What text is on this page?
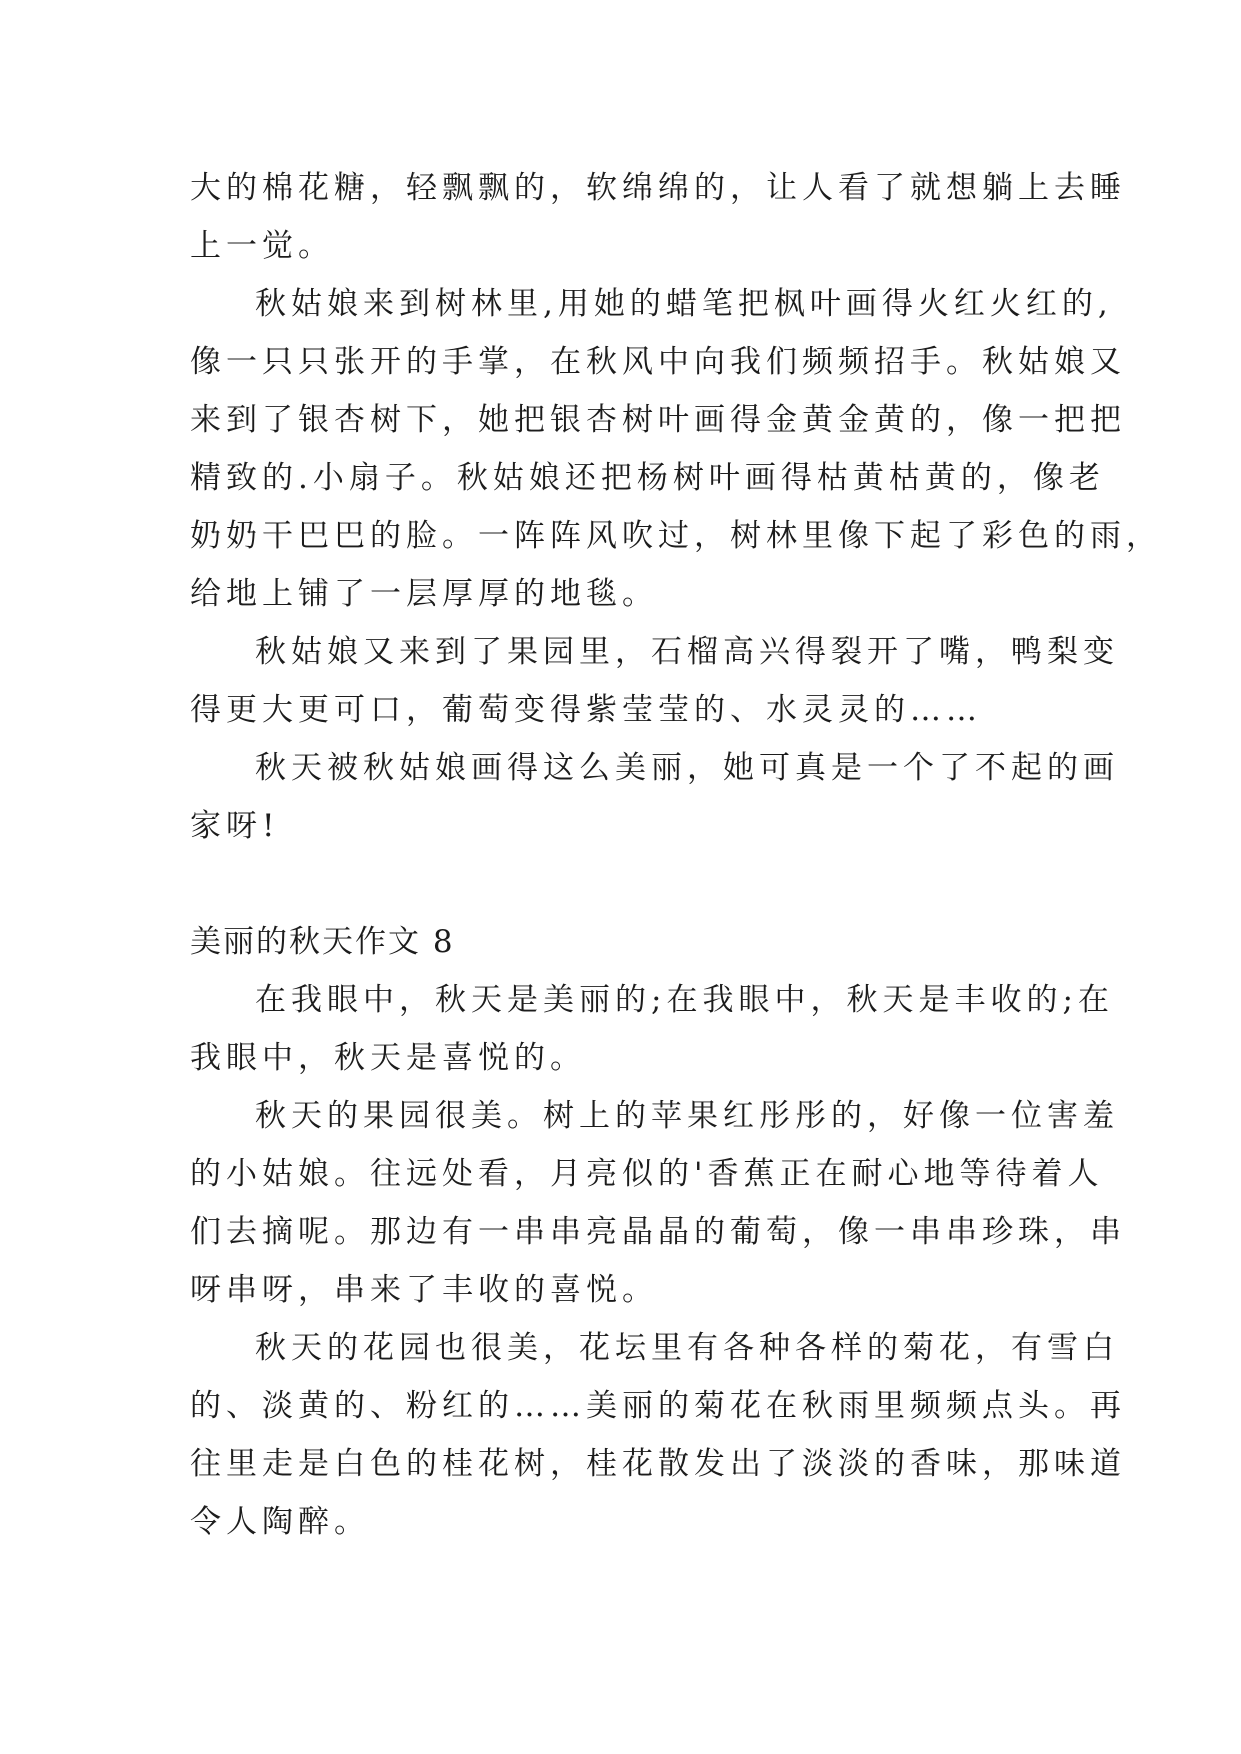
大的棉花糖，轻飘飘的，软绵绵的，让人看了就想躺上去睡
上一觉。
秋姑娘来到树林里,用她的蜡笔把枫叶画得火红火红的,
像一只只张开的手掌，在秋风中向我们频频招手。秋姑娘又
来到了银杏树下，她把银杏树叶画得金黄金黄的，像一把把
精致的.小扇子。秋姑娘还把杨树叶画得枯黄枯黄的，像老
奶奶干巴巴的脸。一阵阵风吹过，树林里像下起了彩色的雨，
给地上铺了一层厚厚的地毯。
秋姑娘又来到了果园里，石榴高兴得裂开了嘴，鸭梨变
得更大更可口，葡萄变得紫莹莹的、水灵灵的……
秋天被秋姑娘画得这么美丽，她可真是一个了不起的画
家呀!
美丽的秋天作文 8
在我眼中，秋天是美丽的;在我眼中，秋天是丰收的;在
我眼中，秋天是喜悦的。
秋天的果园很美。树上的苹果红彤彤的，好像一位害羞
的小姑娘。往远处看，月亮似的'香蕉正在耐心地等待着人
们去摘呢。那边有一串串亮晶晶的葡萄，像一串串珍珠，串
呀串呀，串来了丰收的喜悦。
秋天的花园也很美，花坛里有各种各样的菊花，有雪白
的、淡黄的、粉红的……美丽的菊花在秋雨里频频点头。再
往里走是白色的桂花树，桂花散发出了淡淡的香味，那味道
令人陶醉。
